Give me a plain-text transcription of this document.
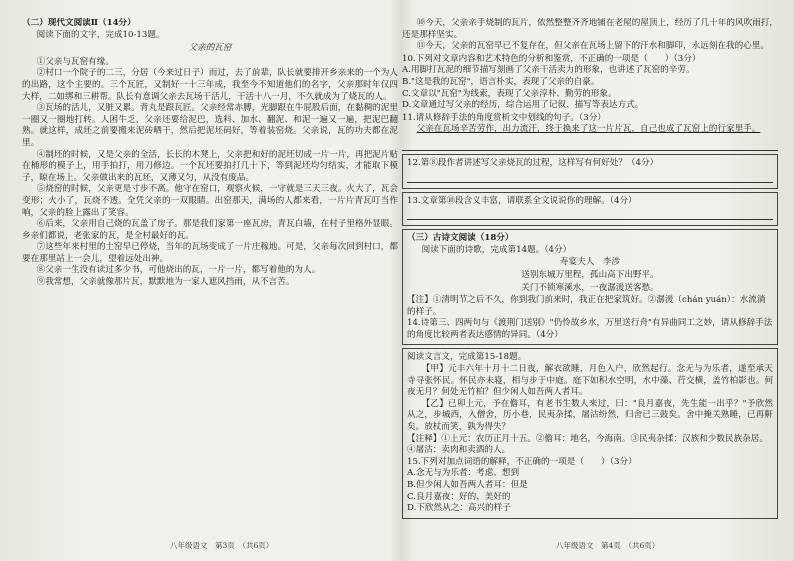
（二）现代文阅读Ⅱ（14分）

阅读下面的文字，完成10-13题。

父亲的瓦窑

①父亲与瓦窑有缘。

②村口一个院子的二三，分居（今来过日子）而过，去了前辈，队长就要排开乡亲来的一个为人的出路，这个主要的。三个瓦匠，又制好一十三年成，我至今不知道他们的名字，父亲那时年仅四大样，二如绑和三耕帮。队长有意调父亲去瓦场干活儿，干活十八一月，不久就成为了烧瓦的人。

③瓦场的活儿，又脏又累。背丸是跟瓦匠。父亲经常赤膊，光脚跟在牛屁股后面，在黏稠的泥里一圈又一圈地打转。人困牛乏，父亲还要给泥巴，选料、加水、翻泥、和泥一遍又一遍，把泥巴翻熟。就这样，成坯之前要搬来泥砖晒干，然后把泥坯码好，等着装窑烧。父亲说，瓦的功夫都在泥里。

④制坯的时候，又是父亲的全活，长长的木凳上，父亲把和好的泥坯切成一片一片，再把泥片贴在桶形的模子上，用手拍打，用刀修边。一个瓦坯要拍打几十下，等到泥坯均匀结实，才能取下模子，晾在场上。父亲做出来的瓦坯，又薄又匀，从没有废品。

⑤烧窑的时候，父亲更是寸步不离。他守在窑口，观察火候，一守就是三天三夜。火大了，瓦会变形；火小了，瓦烧不透。全凭父亲的一双眼睛。出窑那天，满场的人都来看，一片片青瓦叮当作响，父亲的脸上露出了笑容。

⑥后来，父亲用自己烧的瓦盖了房子。那是我们家第一座瓦房，青瓦白墙，在村子里格外显眼。乡亲们都说，老张家的瓦，是全村最好的瓦。

⑦这些年来村里的土窑早已停烧，当年的瓦场变成了一片庄稼地。可是，父亲每次回到村口，都要在那里站上一会儿，望着远处出神。

⑧父亲一生没有读过多少书，可他烧出的瓦，一片一片，都写着他的为人。

⑨我常想，父亲就像那片瓦，默默地为一家人遮风挡雨，从不言苦。

⑩今天，父亲亲手烧制的瓦片，依然整整齐齐地铺在老屋的屋顶上，经历了几十年的风吹雨打，还是那样坚实。

⑪今天，父亲的瓦窑早已不复存在，但父亲在瓦场上留下的汗水和脚印，永远刻在我的心里。

10.下列对文章内容和艺术特色的分析和鉴赏，不正确的一项是（　　）（3分）

A.用脚打瓦泥的细节描写刻画了父亲干活卖力的形象，也讲述了瓦窑的辛劳。

B."这是我的瓦窑"，语言朴实，表现了父亲的自豪。

C.文章以"瓦窑"为线索，表现了父亲淳朴、勤劳的形象。

D.文章通过写父亲的经历，综合运用了记叙、描写等表达方式。

11.请从修辞手法的角度赏析文中划线的句子。（3分）

父亲在瓦场辛苦劳作，出力流汗，终于换来了这一片片瓦，自己也成了瓦窑上的行家里手。

12.第⑧段作者讲述写父亲烧瓦的过程，这样写有何好处？（4分）

13.文章第⑩段含义丰富，请联系全文说说你的理解。（4分）

（三）古诗文阅读（18分）

阅读下面的诗歌，完成第14题。（4分）

寿宴夫人　李涉

送别东城万里程，孤山高下出野平。

关门不锁寒溪水，一夜潺湲送客愁。

【注】①清明节之后不久，你到我门前来时，我正在把家筑好。②潺湲（chán yuán）：水流淌的样子。

14.诗第三、四两句与《渡荆门送别》"仍怜故乡水，万里送行舟"有异曲同工之妙，请从修辞手法的角度比较两者表达感情的异同。（4分）

阅读文言文，完成第15-18题。

【甲】元丰六年十月十二日夜，解衣欲睡，月色入户，欣然起行。念无与为乐者，遂至承天寺寻张怀民。怀民亦未寝，相与步于中庭。庭下如积水空明，水中藻、荇交横，盖竹柏影也。何夜无月？何处无竹柏？但少闲人如吾两人者耳。

【乙】已卯上元，予在儋耳，有老书生数人来过，曰："良月嘉夜，先生能一出乎？"予欣然从之，步城西，入僧舍，历小巷，民夷杂揉，屠沽纷然，归舍已三鼓矣。舍中掩关熟睡，已再鼾矣。放杖而笑，孰为得失？

【注释】①上元：农历正月十五。②儋耳：地名，今海南。③民夷杂揉：汉族和少数民族杂居。④屠沽：卖肉和卖酒的人。

15.下列对加点词语的解释，不正确的一项是（　　）（3分）

A.念无与为乐者：考虑、想到

B.但少闲人如吾两人者耳：但是

C.良月嘉夜：好的、美好的

D.下欣然从之：高兴的样子

八年级语文　第3页　（共6页）	八年级语文　第4页　（共6页）
